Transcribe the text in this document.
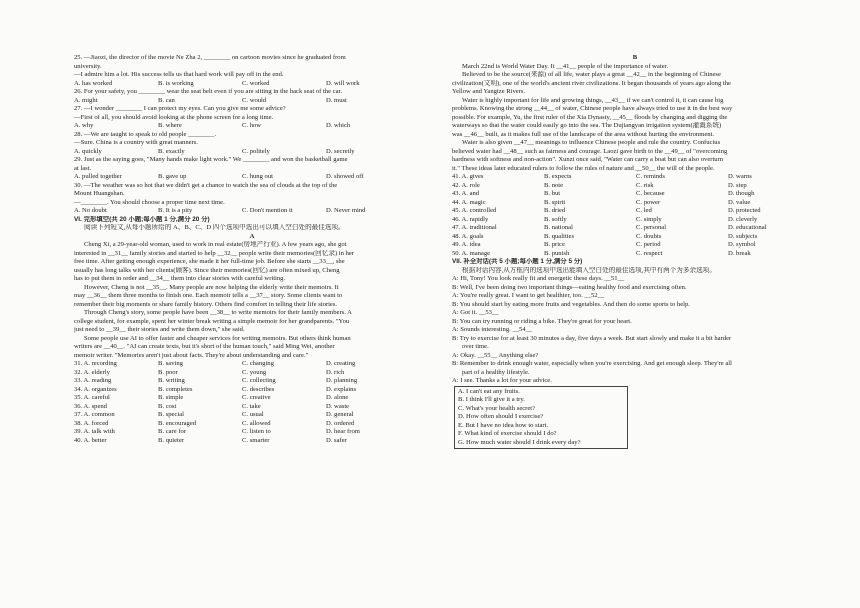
25. —Jiaozi, the director of the movie Ne Zha 2, ________ on cartoon movies since he graduated from
university.
—I admire him a lot. His success tells us that hard work will pay off in the end.
A. has worked	B. is working	C. worked	D. will work
26. For your safety, you ________ wear the seat belt even if you are sitting in the back seat of the car.
A. might	B. can	C. would	D. must
27. —I wonder ________ I can protect my eyes. Can you give me some advice?
—First of all, you should avoid looking at the phone screen for a long time.
A. why	B. where	C. how	D. which
28. —We are taught to speak to old people ________.
—Sure. China is a country with great manners.
A. quickly	B. exactly	C. politely	D. secretly
29. Just as the saying goes, "Many hands make light work." We ________ and won the basketball game
at last.
A. pulled together	B. gave up	C. hung out	D. showed off
30. —The weather was so hot that we didn't get a chance to watch the sea of clouds at the top of the
Mount Huangshan.
—________. You should choose a proper time next time.
A. No doubt	B. It is a pity	C. Don't mention it	D. Never mind
VI. 完形填空(共 20 小题;每小题 1 分,满分 20 分)
阅读下列短文,从每小题所给的 A、B、C、D 四个选项中选出可以填入空白处的最佳选项。
A
Cheng Xi, a 29-year-old woman, used to work in real estate(房地产行业). A few years ago, she got
interested in __31__ family stories and started to help __32__ people write their memories(回忆录) in her
free time. After getting enough experience, she made it her full-time job. Before she starts __33__, she
usually has long talks with her clients(顾客). Since their memories(回忆) are often mixed up, Cheng
has to put them in order and __34__ them into clear stories with careful writing.
However, Cheng is not __35__. Many people are now helping the elderly write their memoirs. It
may __36__ them three months to finish one. Each memoir tells a __37__ story. Some clients want to
remember their big moments or share family history. Others find comfort in telling their life stories.
Through Cheng's story, some people have been __38__ to write memoirs for their family members. A
college student, for example, spent her winter break writing a simple memoir for her grandparents. "You
just need to __39__ their stories and write them down," she said.
Some people use AI to offer faster and cheaper services for writing memoirs. But others think human
writers are __40__. "AI can create texts, but it's short of the human touch," said Ming Wei, another
memoir writer. "Memories aren't just about facts. They're about understanding and care."
31. A. recording	B. saving	C. changing	D. creating
32. A. elderly	B. poor	C. young	D. rich
33. A. reading	B. writing	C. collecting	D. planning
34. A. organizes	B. completes	C. describes	D. explains
35. A. careful	B. simple	C. creative	D. alone
36. A. spend	B. cost	C. take	D. waste
37. A. common	B. special	C. usual	D. general
38. A. forced	B. encouraged	C. allowed	D. ordered
39. A. talk with	B. care for	C. listen to	D. hear from
40. A. better	B. quieter	C. smarter	D. safer
B
March 22nd is World Water Day. It __41__ people of the importance of water.
Believed to be the source(来源) of all life, water plays a great __42__ in the beginning of Chinese
civilization(文明), one of the world's ancient river civilizations. It began thousands of years ago along the
Yellow and Yangtze Rivers.
Water is highly important for life and growing things, __43__ if we can't control it, it can cause big
problems. Knowing the strong __44__ of water, Chinese people have always tried to use it in the best way
possible. For example, Yu, the first ruler of the Xia Dynasty, __45__ floods by changing and digging the
waterways so that the water could easily go into the sea. The Dujiangyan irrigation system(灌溉系统)
was __46__ built, as it makes full use of the landscape of the area without hurting the environment.
Water is also given __47__ meanings to influence Chinese people and rule the country. Confucius
believed water had __48__ such as fairness and courage. Laozi gave birth to the __49__ of "overcoming
hardness with softness and non-action". Xunzi once said, "Water can carry a boat but can also overturn
it." These ideas later educated rulers to follow the rules of nature and __50__ the will of the people.
41. A. gives	B. expects	C. reminds	D. warns
42. A. role	B. note	C. risk	D. step
43. A. and	B. but	C. because	D. though
44. A. magic	B. spirit	C. power	D. value
45. A. controlled	B. dried	C. led	D. protected
46. A. rapidly	B. softly	C. simply	D. cleverly
47. A. traditional	B. national	C. personal	D. educational
48. A. goals	B. qualities	C. doubts	D. subjects
49. A. idea	B. price	C. period	D. symbol
50. A. manage	B. punish	C. respect	D. break
VII. 补全对话(共 5 小题;每小题 1 分,满分 5 分)
根据对话内容,从方框内的选项中选出能填入空白处的最佳选项,其中有两个为多余选项。
A: Hi, Tony! You look really fit and energetic these days. __51__
B: Well, I've been doing two important things—eating healthy food and exercising often.
A: You're really great. I want to get healthier, too. __52__
B: You should start by eating more fruits and vegetables. And then do some sports to help.
A: Got it. __53__
B: You can try running or riding a bike. They're great for your heart.
A: Sounds interesting. __54__
B: Try to exercise for at least 30 minutes a day, five days a week. But start slowly and make it a bit harder
over time.
A: Okay. __55__ Anything else?
B: Remember to drink enough water, especially when you're exercising. And get enough sleep. They're all
part of a healthy lifestyle.
A: I see. Thanks a lot for your advice.
A. I can't eat any fruits.
B. I think I'll give it a try.
C. What's your health secret?
D. How often should I exercise?
E. But I have no idea how to start.
F. What kind of exercise should I do?
G. How much water should I drink every day?
